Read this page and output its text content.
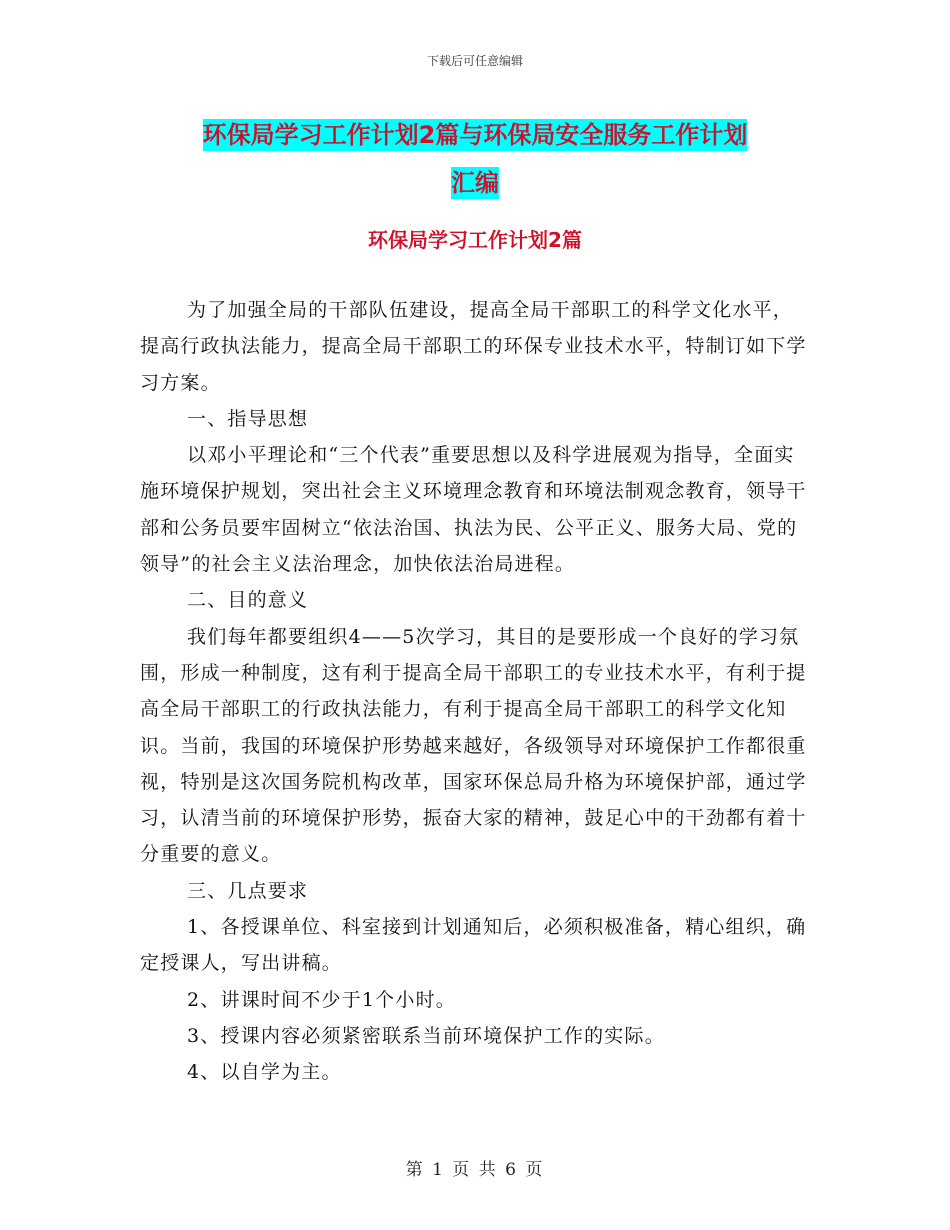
下载后可任意编辑
环保局学习工作计划2篇与环保局安全服务工作计划
汇编
环保局学习工作计划2篇

为了加强全局的干部队伍建设，提高全局干部职工的科学文化水平，提高行政执法能力，提高全局干部职工的环保专业技术水平，特制订如下学习方案。

一、指导思想

以邓小平理论和“三个代表”重要思想以及科学进展观为指导，全面实施环境保护规划，突出社会主义环境理念教育和环境法制观念教育，领导干部和公务员要牢固树立“依法治国、执法为民、公平正义、服务大局、党的领导”的社会主义法治理念，加快依法治局进程。

二、目的意义

我们每年都要组织4——5次学习，其目的是要形成一个良好的学习氛围，形成一种制度，这有利于提高全局干部职工的专业技术水平，有利于提高全局干部职工的行政执法能力，有利于提高全局干部职工的科学文化知识。当前，我国的环境保护形势越来越好，各级领导对环境保护工作都很重视，特别是这次国务院机构改革，国家环保总局升格为环境保护部，通过学习，认清当前的环境保护形势，振奋大家的精神，鼓足心中的干劲都有着十分重要的意义。

三、几点要求

1、各授课单位、科室接到计划通知后，必须积极准备，精心组织，确定授课人，写出讲稿。

2、讲课时间不少于1个小时。

3、授课内容必须紧密联系当前环境保护工作的实际。

4、以自学为主。

第 1 页 共 6 页
